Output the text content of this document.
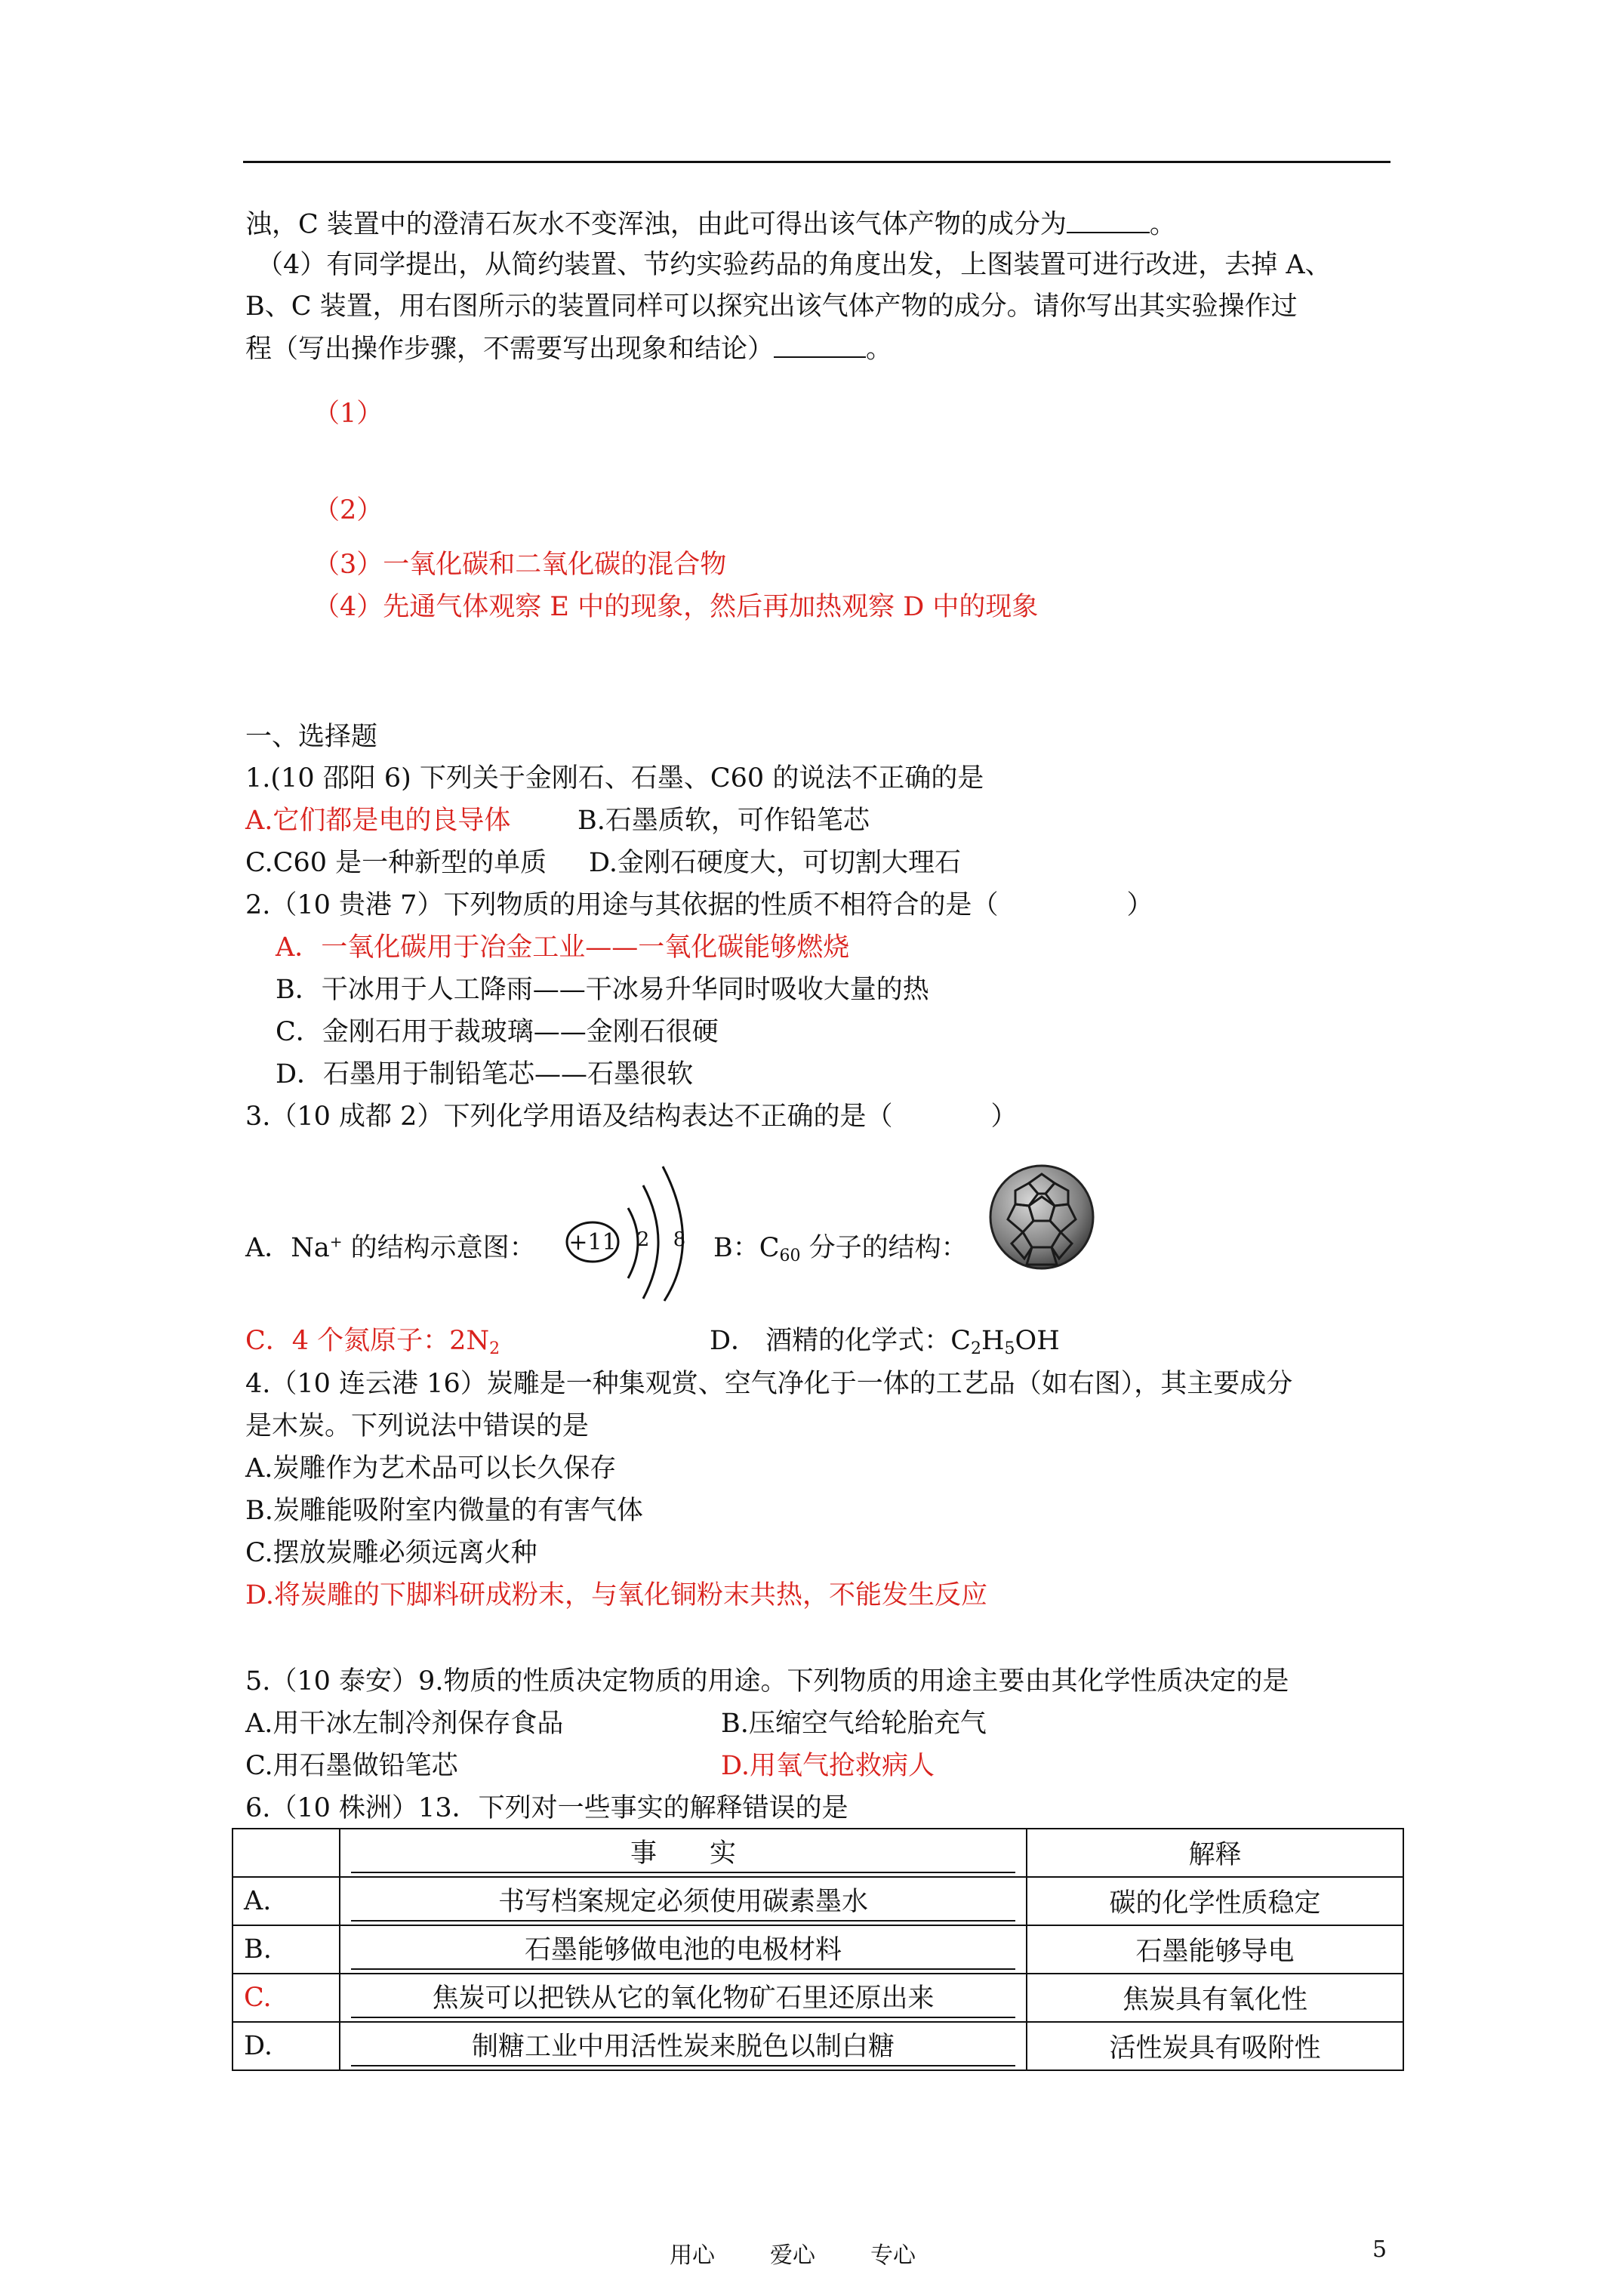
浊，C 装置中的澄清石灰水不变浑浊，由此可得出该气体产物的成分为	。
（4）有同学提出，从简约装置、节约实验药品的角度出发，上图装置可进行改进，去掉 A、
B、C 装置，用右图所示的装置同样可以探究出该气体产物的成分。请你写出其实验操作过
程（写出操作步骤，不需要写出现象和结论）	。
（1）
（2）
（3）一氧化碳和二氧化碳的混合物
（4）先通气体观察 E 中的现象，然后再加热观察 D 中的现象
一、选择题
1.(10 邵阳 6) 下列关于金刚石、石墨、C60 的说法不正确的是
A.它们都是电的良导体	B.石墨质软，可作铅笔芯
C.C60 是一种新型的单质 D.金刚石硬度大，可切割大理石
2.（10 贵港 7）下列物质的用途与其依据的性质不相符合的是（	）
A．一氧化碳用于冶金工业——一氧化碳能够燃烧
B．干冰用于人工降雨——干冰易升华同时吸收大量的热
C．金刚石用于裁玻璃——金刚石很硬
D．石墨用于制铅笔芯——石墨很软
3.（10 成都 2）下列化学用语及结构表达不正确的是（	）
A．Na+ 的结构示意图： +11 2 8 B：$C_{60}$ 分子的结构：
C．4 个氮原子：$2N_2$	D． 酒精的化学式：$C_2H_5OH$
4.（10 连云港 16）炭雕是一种集观赏、空气净化于一体的工艺品（如右图），其主要成分
是木炭。下列说法中错误的是
A.炭雕作为艺术品可以长久保存
B.炭雕能吸附室内微量的有害气体
C.摆放炭雕必须远离火种
D.将炭雕的下脚料研成粉末，与氧化铜粉末共热，不能发生反应
5.（10 泰安）9.物质的性质决定物质的用途。下列物质的用途主要由其化学性质决定的是
A.用干冰左制冷剂保存食品	B.压缩空气给轮胎充气
C.用石墨做铅笔芯	D.用氧气抢救病人
6.（10 株洲）13．下列对一些事实的解释错误的是

	事　　实	解释
A.	书写档案规定必须使用碳素墨水	碳的化学性质稳定
B.	石墨能够做电池的电极材料	石墨能够导电
C.	焦炭可以把铁从它的氧化物矿石里还原出来	焦炭具有氧化性
D.	制糖工业中用活性炭来脱色以制白糖	活性炭具有吸附性
用心 爱心 专心	5
